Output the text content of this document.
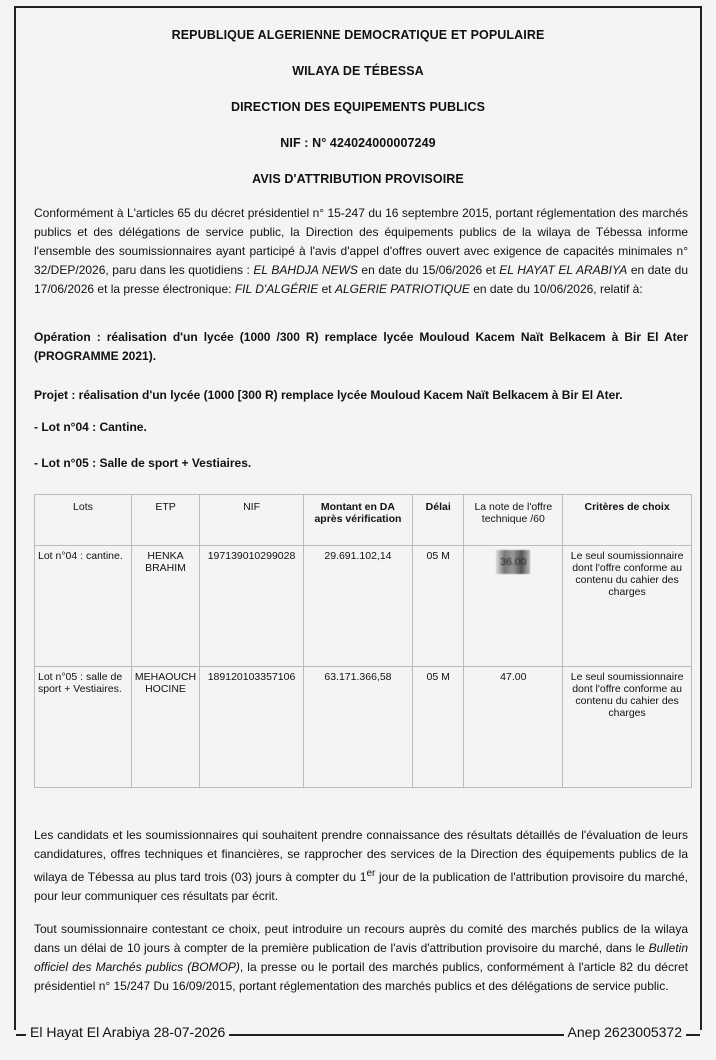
REPUBLIQUE ALGERIENNE DEMOCRATIQUE ET POPULAIRE
WILAYA DE TÉBESSA
DIRECTION DES EQUIPEMENTS PUBLICS
NIF : N° 424024000007249
AVIS D'ATTRIBUTION PROVISOIRE
Conformément à L'articles 65 du décret présidentiel n° 15-247 du 16 septembre 2015, portant réglementation des marchés publics et des délégations de service public, la Direction des équipements publics de la wilaya de Tébessa informe l'ensemble des soumissionnaires ayant participé à l'avis d'appel d'offres ouvert avec exigence de capacités minimales n° 32/DEP/2026, paru dans les quotidiens : EL BAHDJA NEWS en date du 15/06/2026 et EL HAYAT EL ARABIYA en date du 17/06/2026 et la presse électronique: FIL D'ALGÉRIE et ALGERIE PATRIOTIQUE en date du 10/06/2026, relatif à:
Opération : réalisation d'un lycée (1000 /300 R) remplace lycée Mouloud Kacem Naït Belkacem à Bir El Ater (PROGRAMME 2021).
Projet : réalisation d'un lycée (1000 [300 R) remplace lycée Mouloud Kacem Naït Belkacem à Bir El Ater.
- Lot n°04 : Cantine.
- Lot n°05 : Salle de sport + Vestiaires.
Lots	ETP	NIF	Montant en DA après vérification	Délai	La note de l'offre technique /60	Critères de choix
Lot n°04 : cantine.	HENKA BRAHIM	197139010299028	29.691.102,14	05 M	36.00	Le seul soumissionnaire dont l'offre conforme au contenu du cahier des charges
Lot n°05 : salle de sport + Vestiaires.	MEHAOUCH HOCINE	189120103357106	63.171.366,58	05 M	47.00	Le seul soumissionnaire dont l'offre conforme au contenu du cahier des charges
Les candidats et les soumissionnaires qui souhaitent prendre connaissance des résultats détaillés de l'évaluation de leurs candidatures, offres techniques et financières, se rapprocher des services de la Direction des équipements publics de la wilaya de Tébessa au plus tard trois (03) jours à compter du 1er jour de la publication de l'attribution provisoire du marché, pour leur communiquer ces résultats par écrit.
Tout soumissionnaire contestant ce choix, peut introduire un recours auprès du comité des marchés publics de la wilaya dans un délai de 10 jours à compter de la première publication de l'avis d'attribution provisoire du marché, dans le Bulletin officiel des Marchés publics (BOMOP), la presse ou le portail des marchés publics, conformément à l'article 82 du décret présidentiel n° 15/247 Du 16/09/2015, portant réglementation des marchés publics et des délégations de service public.
El Hayat El Arabiya 28-07-2026	Anep 2623005372
